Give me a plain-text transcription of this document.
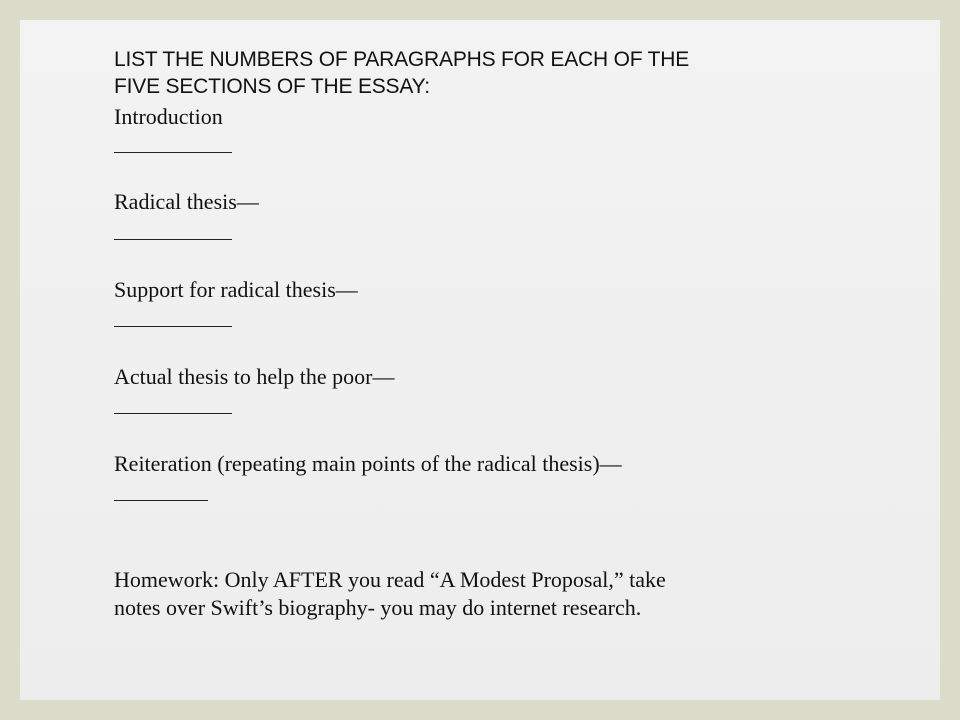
LIST THE NUMBERS OF PARAGRAPHS FOR EACH OF THE
FIVE SECTIONS OF THE ESSAY:
Introduction
Radical thesis—
Support for radical thesis—
Actual thesis to help the poor—
Reiteration (repeating main points of the radical thesis)—
Homework: Only AFTER you read “A Modest Proposal,” take
notes over Swift’s biography- you may do internet research.
